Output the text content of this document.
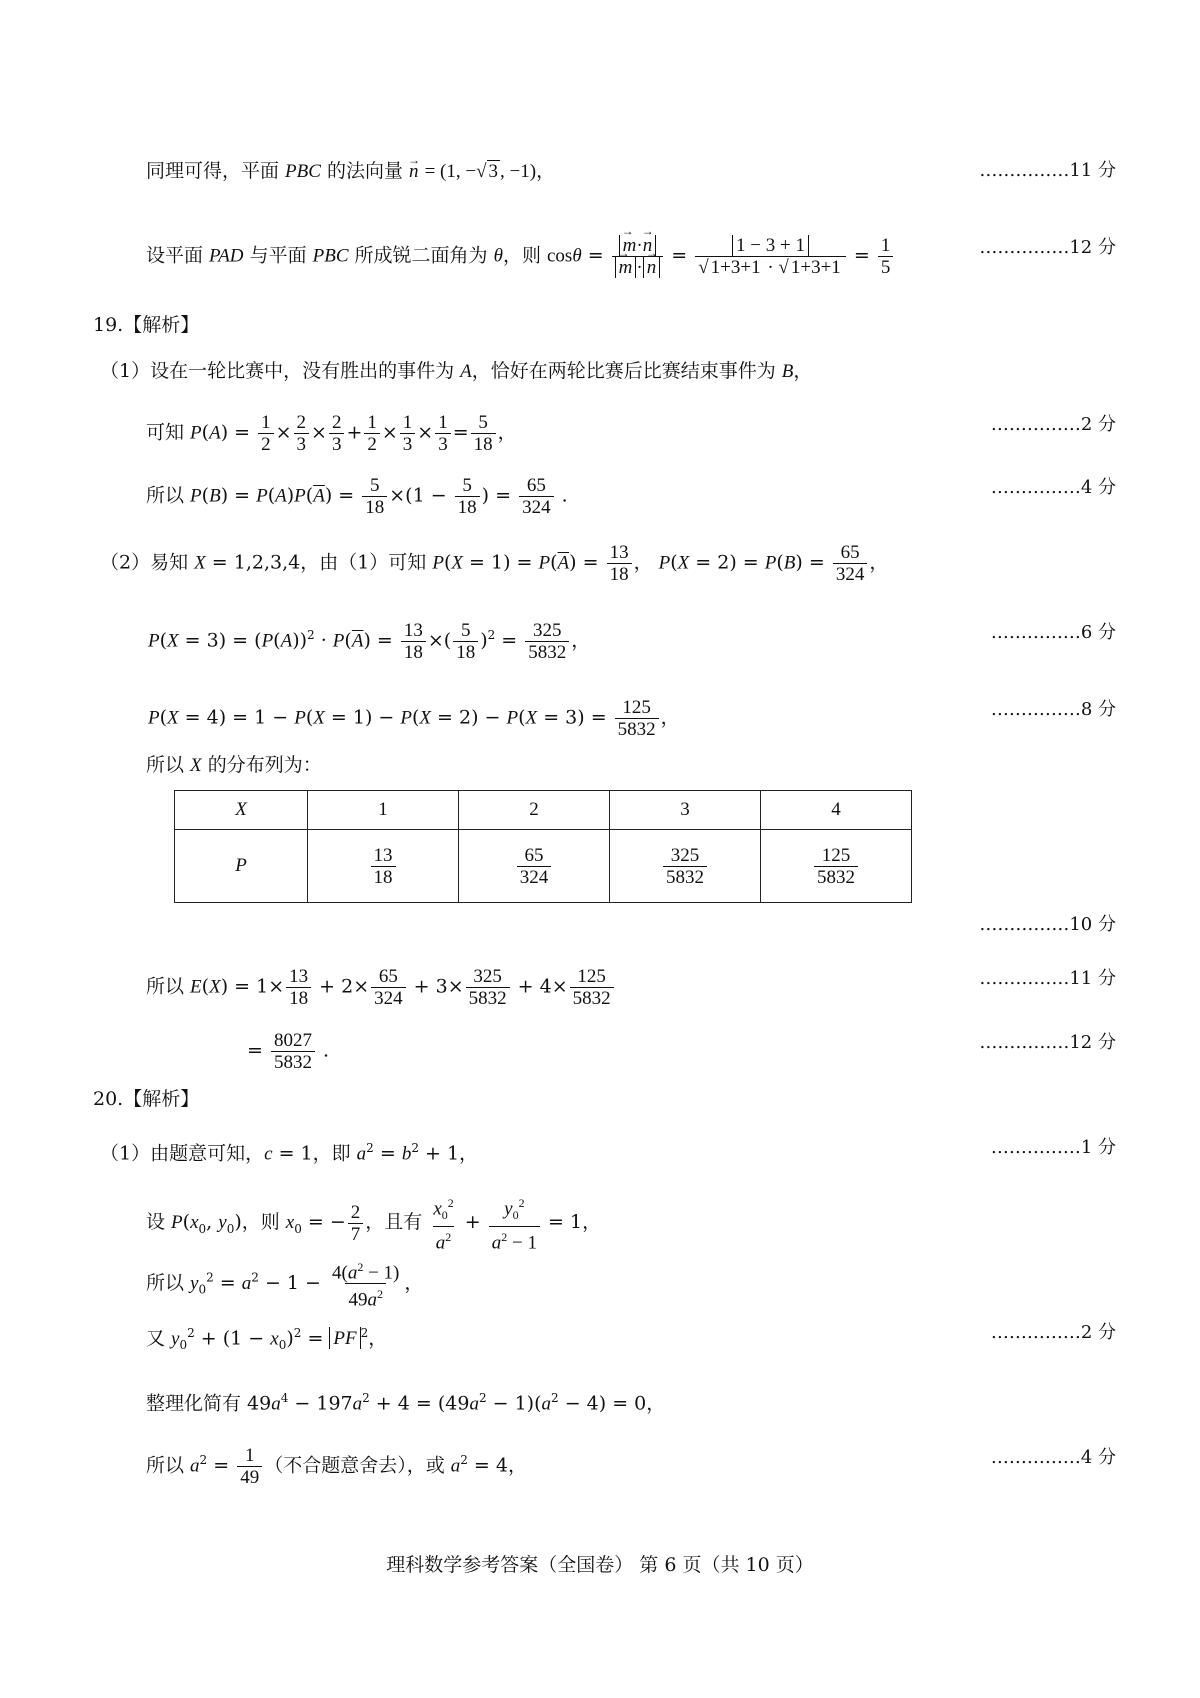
同理可得，平面 PBC 的法向量 → n = (1, −√ 3 , −1)，	……………11 分
设平面 PAD 与平面 PBC 所成锐二面角为 θ，则 cosθ = → m·→ n
→ m · → $n = \frac{1 - 3 + 1}{√ 1+3+1 \cdot √ 1+3+1} = \frac{1}{5}$	……………12 分
19.【解析】
（1）设在一轮比赛中，没有胜出的事件为 A，恰好在两轮比赛后比赛结束事件为 B，
可知 $P(A) = \frac{1}{2} \times \frac{2}{3} \times \frac{2}{3} + \frac{1}{2} \times \frac{1}{3} \times \frac{1}{3} = \frac{5}{18}$ ，	……………2 分
所以 $P(B) = P(A)P(\overline{A}) = \frac{5}{18} \times(1 - \frac{5}{18}$ ) = $\frac{65}{324}$ .	……………4 分
（2）易知 X = 1,2,3,4，由（1）可知 $P(X = 1) = P(\overline{A}) = \frac{13}{18}$ ， $P(X = 2) = P(B) = \frac{65}{324}$ ，
$P(X = 3) = (P(A))^2 \cdot P(\overline{A}) = \frac{13}{18}$ ×( $\frac{5}{18} )^2 = \frac{325}{5832}$ ，	……………6 分
$P(X = 4) = 1 - P(X = 1) - P(X = 2) - P(X = 3) = \frac{125}{5832}$ ，	……………8 分
所以 X 的分布列为：
X	1	2	3	4
P	$\frac{13}{18}$	$\frac{65}{324}$	$\frac{325}{5832}$	$\frac{125}{5832}$
……………10 分
所以 $E(X) = 1\times \frac{13}{18} + 2\times \frac{65}{324} + 3\times \frac{325}{5832} + 4\times \frac{125}{5832}$	……………11 分
= $\frac{8027}{5832}$ .	……………12 分
20.【解析】
（1）由题意可知，c = 1，即 $a^2 = b^2 + 1$，	……………1 分
设 $P(x_0$, $y_0$)，则 $x_0$ = − $\frac{2}{7}$ ，且有 $\frac{x_0^2}{a^2} + \frac{y_0^2}{a^2 - 1} = 1$，
所以 $y_0^2 = a^2 - 1 - \frac{4(a^2 - 1)}{49a^2}$ ，
又 $y_0^2 + (1 - x_0)^2$ = PF $^2$，	……………2 分
整理化简有 $49a^4 - 197a^2 + 4 = (49a^2 - 1)(a^2 - 4) = 0$，
所以 $a^2 = \frac{1}{49}$ （不合题意舍去），或 $a^2 = 4$，	……………4 分
理科数学参考答案（全国卷） 第 6 页（共 10 页）
